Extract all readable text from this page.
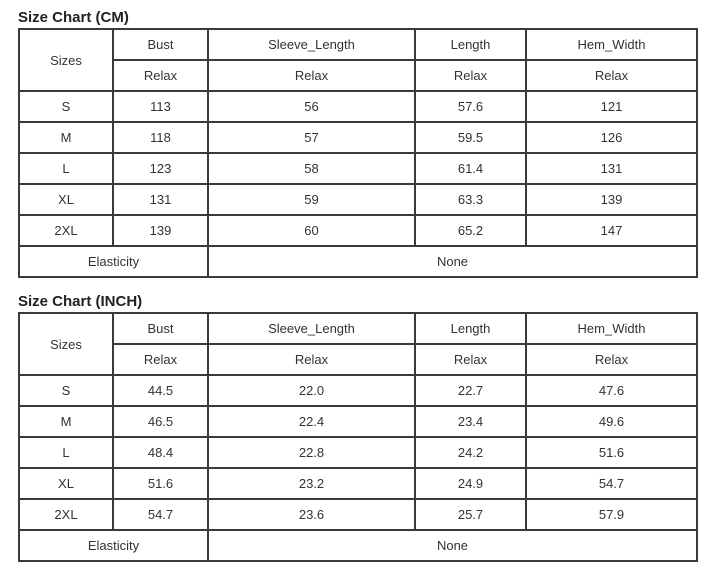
Size Chart (CM)
Sizes	Bust	Sleeve_Length	Length	Hem_Width
	Relax	Relax	Relax	Relax
S	113	56	57.6	121
M	118	57	59.5	126
L	123	58	61.4	131
XL	131	59	63.3	139
2XL	139	60	65.2	147
Elasticity		None		
Size Chart (INCH)
Sizes	Bust	Sleeve_Length	Length	Hem_Width
	Relax	Relax	Relax	Relax
S	44.5	22.0	22.7	47.6
M	46.5	22.4	23.4	49.6
L	48.4	22.8	24.2	51.6
XL	51.6	23.2	24.9	54.7
2XL	54.7	23.6	25.7	57.9
Elasticity		None		
